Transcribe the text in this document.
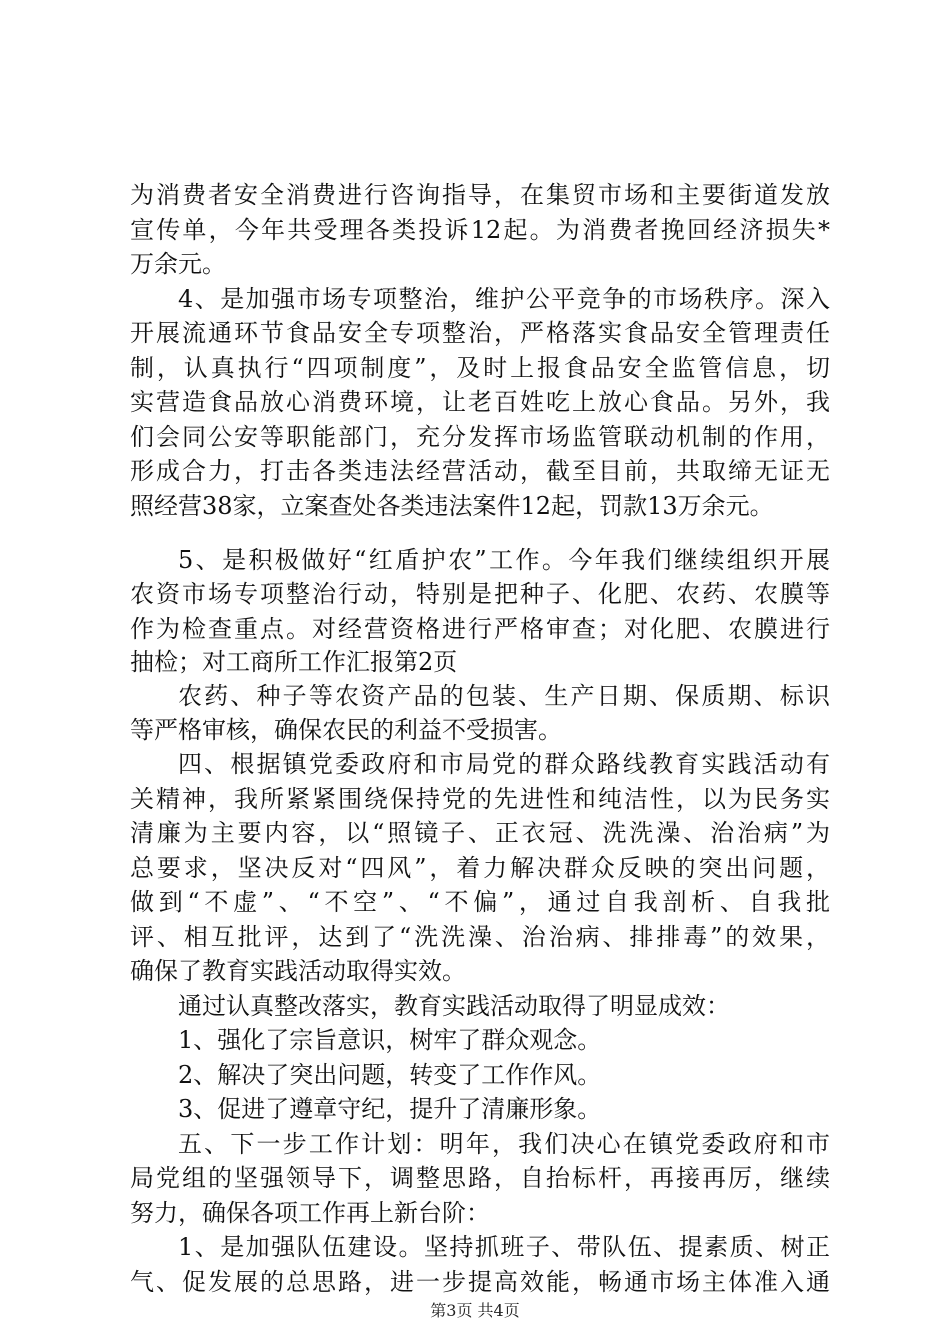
为消费者安全消费进行咨询指导，在集贸市场和主要街道发放
宣传单，今年共受理各类投诉12起。为消费者挽回经济损失*
万余元。
4、是加强市场专项整治，维护公平竞争的市场秩序。深入
开展流通环节食品安全专项整治，严格落实食品安全管理责任
制，认真执行“四项制度”，及时上报食品安全监管信息，切
实营造食品放心消费环境，让老百姓吃上放心食品。另外，我
们会同公安等职能部门，充分发挥市场监管联动机制的作用，
形成合力，打击各类违法经营活动，截至目前，共取缔无证无
照经营38家，立案查处各类违法案件12起，罚款13万余元。
5、是积极做好“红盾护农”工作。今年我们继续组织开展
农资市场专项整治行动，特别是把种子、化肥、农药、农膜等
作为检查重点。对经营资格进行严格审查；对化肥、农膜进行
抽检；对工商所工作汇报第2页
农药、种子等农资产品的包装、生产日期、保质期、标识
等严格审核，确保农民的利益不受损害。
四、根据镇党委政府和市局党的群众路线教育实践活动有
关精神，我所紧紧围绕保持党的先进性和纯洁性，以为民务实
清廉为主要内容，以“照镜子、正衣冠、洗洗澡、治治病”为
总要求，坚决反对“四风”，着力解决群众反映的突出问题，
做到“不虚”、“不空”、“不偏”，通过自我剖析、自我批
评、相互批评，达到了“洗洗澡、治治病、排排毒”的效果，
确保了教育实践活动取得实效。
通过认真整改落实，教育实践活动取得了明显成效：
1、强化了宗旨意识，树牢了群众观念。
2、解决了突出问题，转变了工作作风。
3、促进了遵章守纪，提升了清廉形象。
五、下一步工作计划：明年，我们决心在镇党委政府和市
局党组的坚强领导下，调整思路，自抬标杆，再接再厉，继续
努力，确保各项工作再上新台阶：
1、是加强队伍建设。坚持抓班子、带队伍、提素质、树正
气、促发展的总思路，进一步提高效能，畅通市场主体准入通
第3页 共4页
